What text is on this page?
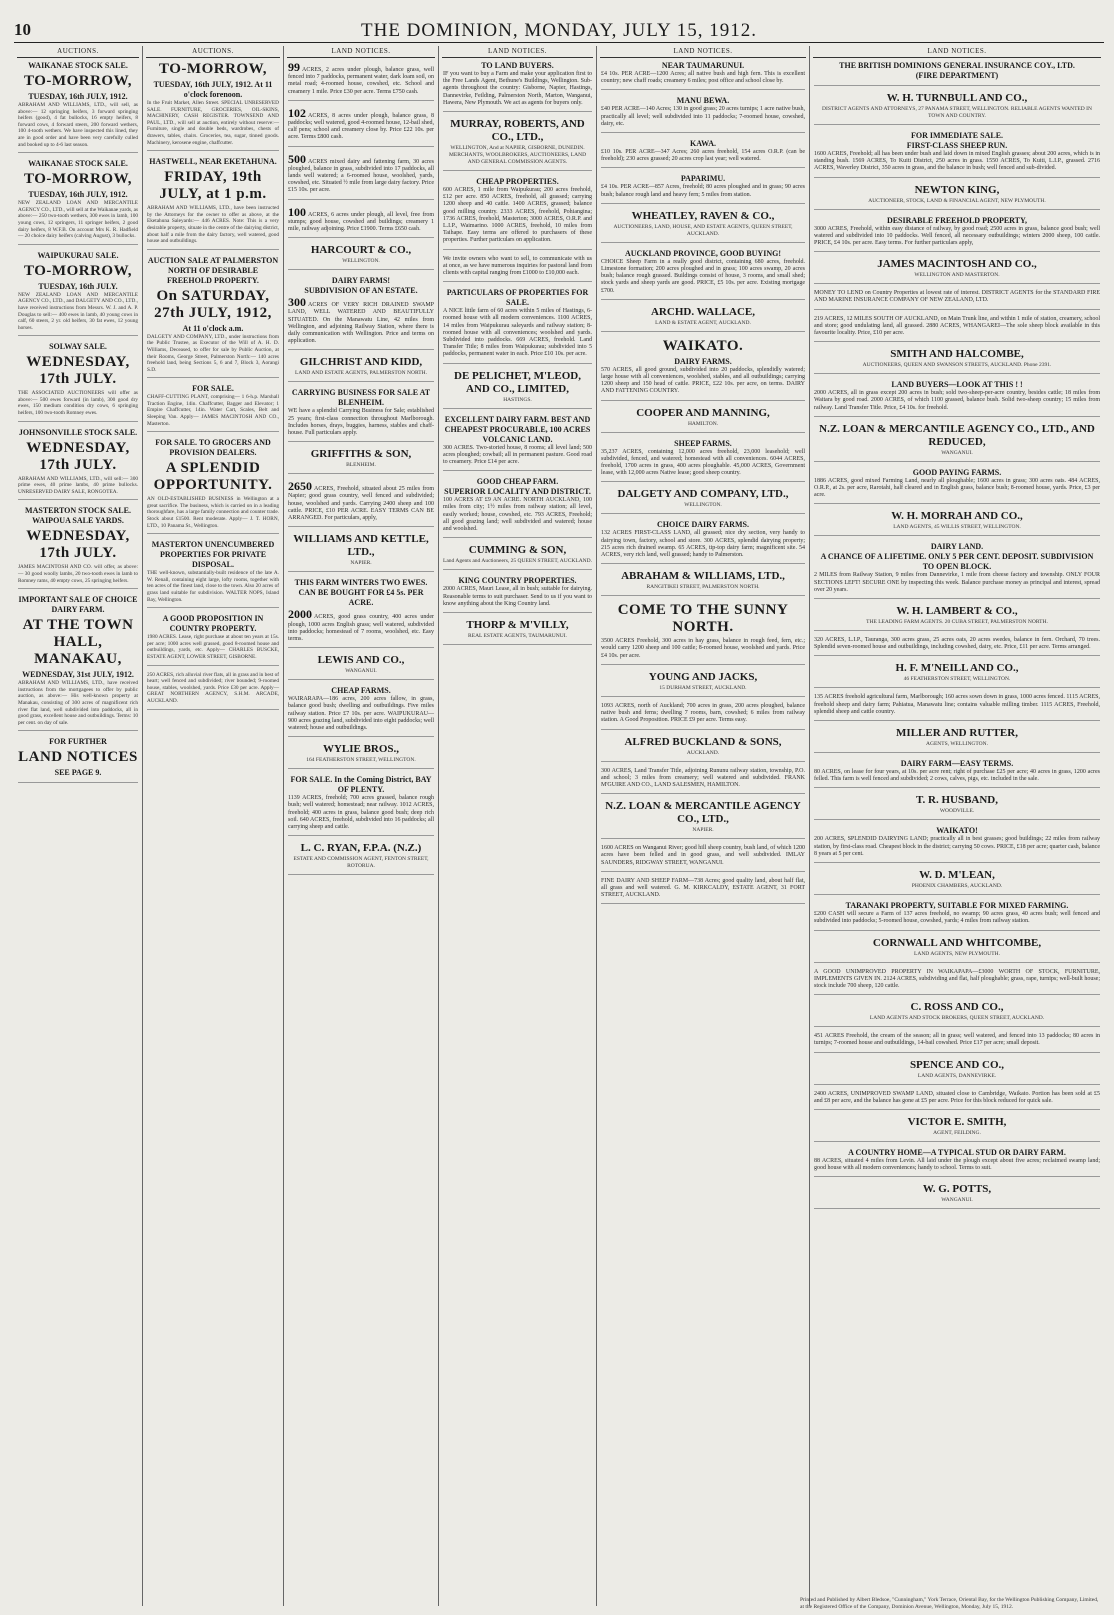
10	THE DOMINION, MONDAY, JULY 15, 1912.
AUCTIONS.
WAIKANAE STOCK SALE.
TO-MORROW,
TUESDAY, 16th JULY, 1912.
ABRAHAM AND WILLIAMS, LTD., will sell, as above:— 12 springing heifers, 3 forward springing heifers (good), 4 fat bullocks, 16 empty heifers, 8 forward cows, 4 forward steers, 200 forward wethers, 100 4-tooth wethers. We have inspected this lined, they are in good order and have been very carefully culled and booked up to 4-6 last season.
WAIKANAE STOCK SALE.
TO-MORROW,
TUESDAY, 16th JULY, 1912.
NEW ZEALAND LOAN AND MERCANTILE AGENCY CO., LTD., will sell at the Waikanae yards, as above:— 250 two-tooth wethers, 300 ewes in lamb, 100 young cows, 12 springers, 11 springer heifers, 2 good dairy heifers, 8 W.F.B. On account Mrs K. R. Hadfield— 20 choice dairy heifers (calving August), 3 bullocks.
WAIPUKURAU SALE.
TO-MORROW,
TUESDAY, 16th JULY.
NEW ZEALAND LOAN AND MERCANTILE AGENCY CO., LTD., and DALGETY AND CO., LTD., have received instructions from Messrs. W. J. and A. P. Douglas to sell:— 400 ewes in lamb, 40 young cows in calf, 60 steers, 2 yr. old heifers, 30 fat ewes, 12 young horses.
SOLWAY SALE.
WEDNESDAY, 17th JULY.
THE ASSOCIATED AUCTIONEERS will offer as above:— 500 ewes forward (in lamb), 300 good dry ewes, 150 medium condition dry cows, 6 springing heifers, 100 two-tooth Romney ewes.
JOHNSONVILLE STOCK SALE.
WEDNESDAY, 17th JULY.
ABRAHAM AND WILLIAMS, LTD., will sell:— 300 prime ewes, 40 prime lambs, 40 prime bullocks. UNRESERVED DAIRY SALE, RONGOTEA.
MASTERTON STOCK SALE. WAIPOUA SALE YARDS.
WEDNESDAY, 17th JULY.
JAMES MACINTOSH AND CO. will offer, as above:— 30 good woolly lambs, 20 two-tooth ewes in lamb to Romney rams, 40 empty cows, 25 springing heifers.
IMPORTANT SALE OF CHOICE DAIRY FARM.
AT THE TOWN HALL, MANAKAU,
WEDNESDAY, 31st JULY, 1912.
ABRAHAM AND WILLIAMS, LTD., have received instructions from the mortgagees to offer by public auction, as above:— His well-known property at Manakau, consisting of 300 acres of magnificent rich river flat land, well subdivided into paddocks, all in good grass, excellent house and outbuildings. Terms: 10 per cent. on day of sale.
FOR FURTHER
LAND NOTICES
SEE PAGE 9.
AUCTIONS.
TO-MORROW,
TUESDAY, 16th JULY, 1912. At 11 o'clock forenoon.
In the Fruit Market, Allen Street. SPECIAL UNRESERVED SALE. FURNITURE, GROCERIES, OIL-SKINS, MACHINERY, CASH REGISTER. TOWNSEND AND PAUL, LTD., will sell at auction, entirely without reserve:— Furniture, single and double beds, wardrobes, chests of drawers, tables, chairs. Groceries, tea, sugar, tinned goods. Machinery, kerosene engine, chaffcutter.
HASTWELL, NEAR EKETAHUNA.
FRIDAY, 19th JULY, at 1 p.m.
ABRAHAM AND WILLIAMS, LTD., have been instructed by the Attorneys for the owner to offer as above, at the Eketahuna Saleyards:— 446 ACRES. Note: This is a very desirable property, situate in the centre of the dairying district, about half a mile from the dairy factory, well watered, good house and outbuildings.
AUCTION SALE AT PALMERSTON NORTH OF DESIRABLE FREEHOLD PROPERTY.
On SATURDAY, 27th JULY, 1912,
At 11 o'clock a.m.
DALGETY AND COMPANY, LTD., under instructions from the Public Trustee, as Executor of the Will of A. H. D. Williams, Deceased, to offer for sale by Public Auction, at their Rooms, George Street, Palmerston North:— 140 acres freehold land, being Sections 5, 6 and 7, Block 3, Aorangi S.D.
FOR SALE.
CHAFF-CUTTING PLANT, comprising— 1 6-h.p. Marshall Traction Engine, 14in. Chaffcutter, Bagger and Elevator; 1 Empire Chaffcutter, 14in. Water Cart, Scales, Belt and Sleeping Van. Apply— JAMES MACINTOSH AND CO., Masterton.
FOR SALE. TO GROCERS AND PROVISION DEALERS.
A SPLENDID OPPORTUNITY.
AN OLD-ESTABLISHED BUSINESS in Wellington at a great sacrifice. The business, which is carried on in a leading thoroughfare, has a large family connection and counter trade. Stock about £1500. Rent moderate. Apply— J. T. HORN, LTD., 10 Panama St., Wellington.
MASTERTON UNENCUMBERED PROPERTIES FOR PRIVATE DISPOSAL.
THE well-known, substantially-built residence of the late A. W. Renall, containing eight large, lofty rooms, together with ten acres of the finest land, close to the town. Also 20 acres of grass land suitable for subdivision. WALTER NOPS, Island Bay, Wellington.
A GOOD PROPOSITION IN COUNTRY PROPERTY.
1980 ACRES. Lease, right purchase at about ten years at 15s. per acre; 1000 acres well grassed, good 8-roomed house and outbuildings, yards, etc. Apply— CHARLES BUSCKE, ESTATE AGENT, LOWER STREET, GISBORNE.
250 ACRES, rich alluvial river flats, all in grass and in best of heart; well fenced and subdivided; river bounded; 9-roomed house, stables, woolshed, yards. Price £30 per acre. Apply— GREAT NORTHERN AGENCY, S.H.M. ARCADE, AUCKLAND.
LAND NOTICES.
99 ACRES, 2 acres under plough, balance grass, well fenced into 7 paddocks, permanent water, dark loam soil, on metal road; 4-roomed house, cowshed, etc. School and creamery 1 mile. Price £30 per acre. Terms £750 cash.
102 ACRES, 8 acres under plough, balance grass, 8 paddocks; well watered, good 4-roomed house, 12-bail shed, calf pens; school and creamery close by. Price £22 10s. per acre. Terms £800 cash.
500 ACRES mixed dairy and fattening farm, 30 acres ploughed, balance in grass, subdivided into 17 paddocks, all lands well watered; a 6-roomed house, woolshed, yards, cowshed, etc. Situated ½ mile from large dairy factory. Price £15 10s. per acre.
100 ACRES, 6 acres under plough, all level, free from stumps; good house, cowshed and buildings; creamery 1 mile, railway adjoining. Price £1900. Terms £650 cash.
HARCOURT & CO.,
WELLINGTON.
DAIRY FARMS!
SUBDIVISION OF AN ESTATE.
300 ACRES OF VERY RICH DRAINED SWAMP LAND, WELL WATERED AND BEAUTIFULLY SITUATED. On the Manawatu Line, 42 miles from Wellington, and adjoining Railway Station, where there is daily communication with Wellington. Price and terms on application.
GILCHRIST AND KIDD,
LAND AND ESTATE AGENTS, PALMERSTON NORTH.
CARRYING BUSINESS FOR SALE AT BLENHEIM.
WE have a splendid Carrying Business for Sale; established 25 years; first-class connection throughout Marlborough. Includes horses, drays, buggies, harness, stables and chaff-house. Full particulars apply.
GRIFFITHS & SON,
BLENHEIM.
2650 ACRES, Freehold, situated about 25 miles from Napier; good grass country, well fenced and subdivided; house, woolshed and yards. Carrying 2400 sheep and 100 cattle. PRICE, £10 PER ACRE. EASY TERMS CAN BE ARRANGED. For particulars, apply,
WILLIAMS AND KETTLE, LTD.,
NAPIER.
THIS FARM WINTERS TWO EWES. CAN BE BOUGHT FOR £4 5s. PER ACRE.
2000 ACRES, good grass country, 400 acres under plough, 1000 acres English grass; well watered, subdivided into paddocks; homestead of 7 rooms, woolshed, etc. Easy terms.
LEWIS AND CO.,
WANGANUI.
CHEAP FARMS.
WAIRARAPA—186 acres, 200 acres fallow, in grass, balance good bush; dwelling and outbuildings. Five miles railway station. Price £7 10s. per acre. WAIPUKURAU—900 acres grazing land, subdivided into eight paddocks; well watered; house and outbuildings.
WYLIE BROS.,
164 FEATHERSTON STREET, WELLINGTON.
FOR SALE. In the Coming District, BAY OF PLENTY.
1139 ACRES, freehold; 700 acres grassed, balance rough bush; well watered; homestead; near railway. 1012 ACRES, freehold; 400 acres in grass, balance good bush; deep rich soil. 640 ACRES, freehold, subdivided into 16 paddocks; all carrying sheep and cattle.
L. C. RYAN, F.P.A. (N.Z.)
ESTATE AND COMMISSION AGENT, FENTON STREET, ROTORUA.
LAND NOTICES.
TO LAND BUYERS.
IF you want to buy a Farm and make your application first to the Free Lands Agent, Bethune's Buildings, Wellington. Sub-agents throughout the country: Gisborne, Napier, Hastings, Dannevirke, Feilding, Palmerston North, Marton, Wanganui, Hawera, New Plymouth. We act as agents for buyers only.
MURRAY, ROBERTS, AND CO., LTD.,
WELLINGTON, And at NAPIER, GISBORNE, DUNEDIN. MERCHANTS, WOOLBROKERS, AUCTIONEERS, LAND AND GENERAL COMMISSION AGENTS.
CHEAP PROPERTIES.
600 ACRES, 1 mile from Waipukurau; 200 acres freehold, £12 per acre. 850 ACRES, freehold, all grassed; carrying 1200 sheep and 40 cattle. 1400 ACRES, grassed; balance good milling country. 2333 ACRES, freehold, Pohiangina; 1736 ACRES, freehold, Masterton; 3000 ACRES, O.R.P. and L.I.P., Waimarino. 1000 ACRES, freehold, 10 miles from Taihape. Easy terms are offered to purchasers of these properties. Further particulars on application.
We invite owners who want to sell, to communicate with us at once, as we have numerous inquiries for pastoral land from clients with capital ranging from £1000 to £10,000 each.
PARTICULARS OF PROPERTIES FOR SALE.
A NICE little farm of 60 acres within 5 miles of Hastings, 6-roomed house with all modern conveniences. 1100 ACRES, 14 miles from Waipukurau saleyards and railway station; 8-roomed house with all conveniences; woolshed and yards. Subdivided into paddocks. 669 ACRES, freehold. Land Transfer Title; 8 miles from Waipukurau; subdivided into 5 paddocks, permanent water in each. Price £10 10s. per acre.
DE PELICHET, M'LEOD, AND CO., LIMITED,
HASTINGS.
EXCELLENT DAIRY FARM. BEST AND CHEAPEST PROCURABLE, 100 ACRES VOLCANIC LAND.
300 ACRES. Two-storied house, 8 rooms; all level land; 500 acres ploughed; cowbail; all in permanent pasture. Good road to creamery. Price £14 per acre.
GOOD CHEAP FARM.
SUPERIOR LOCALITY AND DISTRICT.
100 ACRES AT £9 AN ACRE. NORTH AUCKLAND, 100 miles from city; 1½ miles from railway station; all level, easily worked; house, cowshed, etc. 793 ACRES, Freehold; all good grazing land; well subdivided and watered; house and woolshed.
CUMMING & SON,
Land Agents and Auctioneers, 25 QUEEN STREET, AUCKLAND.
KING COUNTRY PROPERTIES.
2000 ACRES, Mauri Lease, all in bush; suitable for dairying. Reasonable terms to suit purchaser. Send to us if you want to know anything about the King Country land.
THORP & M'VILLY,
REAL ESTATE AGENTS, TAUMARUNUI.
LAND NOTICES.
NEAR TAUMARUNUI.
£4 10s. PER ACRE—1200 Acres; all native bush and high fern. This is excellent country; new chaff roads; creamery 6 miles; post office and school close by.
MANU BEWA.
£40 PER ACRE—140 Acres; 130 in good grass; 20 acres turnips; 1 acre native bush, practically all level; well subdivided into 11 paddocks; 7-roomed house, cowshed, dairy, etc.
KAWA.
£10 10s. PER ACRE—347 Acres; 260 acres freehold, 154 acres O.R.P. (can be freehold); 230 acres grassed; 20 acres crop last year; well watered.
PAPARIMU.
£4 10s. PER ACRE—857 Acres, freehold; 80 acres ploughed and in grass; 90 acres bush; balance rough land and heavy fern; 5 miles from station.
WHEATLEY, RAVEN & CO.,
AUCTIONEERS, LAND, HOUSE, AND ESTATE AGENTS, QUEEN STREET, AUCKLAND.
AUCKLAND PROVINCE, GOOD BUYING!
CHOICE Sheep Farm in a really good district, containing 680 acres, freehold. Limestone formation; 200 acres ploughed and in grass; 100 acres swamp, 20 acres bush; balance rough grassed. Buildings consist of house, 3 rooms, and small shed; stock yards and sheep yards are good. PRICE, £5 10s. per acre. Existing mortgage £700.
ARCHD. WALLACE,
LAND & ESTATE AGENT, AUCKLAND.
WAIKATO.
DAIRY FARMS.
570 ACRES, all good ground, subdivided into 20 paddocks, splendidly watered; large house with all conveniences, woolshed, stables, and all outbuildings; carrying 1200 sheep and 150 head of cattle. PRICE, £22 10s. per acre, on terms. DAIRY AND FATTENING COUNTRY.
COOPER AND MANNING,
HAMILTON.
SHEEP FARMS.
35,237 ACRES, containing 12,000 acres freehold, 23,000 leasehold; well subdivided, fenced, and watered; homestead with all conveniences. 6044 ACRES, freehold, 1700 acres in grass, 400 acres ploughable. 45,000 ACRES, Government lease, with 12,000 acres Native lease; good sheep country.
DALGETY AND COMPANY, LTD.,
WELLINGTON.
CHOICE DAIRY FARMS.
132 ACRES FIRST-CLASS LAND, all grassed; nice dry section, very handy to dairying town, factory, school and store. 300 ACRES, splendid dairying property; 215 acres rich drained swamp. 65 ACRES, tip-top dairy farm; magnificent site. 54 ACRES, very rich land, well grassed; handy to Palmerston.
ABRAHAM & WILLIAMS, LTD.,
RANGITIKEI STREET, PALMERSTON NORTH.
COME TO THE SUNNY NORTH.
3500 ACRES Freehold, 300 acres in hay grass, balance in rough feed, fern, etc.; would carry 1200 sheep and 100 cattle; 8-roomed house, woolshed and yards. Price £4 10s. per acre.
YOUNG AND JACKS,
15 DURHAM STREET, AUCKLAND.
1093 ACRES, north of Auckland; 700 acres in grass, 200 acres ploughed, balance native bush and ferns; dwelling 7 rooms, barn, cowshed; 6 miles from railway station. A Good Proposition. PRICE £9 per acre. Terms easy.
ALFRED BUCKLAND & SONS,
AUCKLAND.
300 ACRES, Land Transfer Title, adjoining Rununu railway station, township, P.O. and school; 3 miles from creamery; well watered and subdivided. FRANK M'GUIRE AND CO., LAND SALESMEN, HAMILTON.
N.Z. LOAN & MERCANTILE AGENCY CO., LTD.,
NAPIER.
1600 ACRES on Wanganui River; good hill sheep country, bush land, of which 1200 acres have been felled and in good grass, and well subdivided. IMLAY SAUNDERS, RIDGWAY STREET, WANGANUI.
FINE DAIRY AND SHEEP FARM—738 Acres; good quality land, about half flat, all grass and well watered. G. M. KIRKCALDY, ESTATE AGENT, 31 FORT STREET, AUCKLAND.
LAND NOTICES.
THE BRITISH DOMINIONS GENERAL INSURANCE COY., LTD.
(FIRE DEPARTMENT)
W. H. TURNBULL AND CO.,
DISTRICT AGENTS AND ATTORNEYS, 27 PANAMA STREET, WELLINGTON. RELIABLE AGENTS WANTED IN TOWN AND COUNTRY.
FOR IMMEDIATE SALE.
FIRST-CLASS SHEEP RUN.
1600 ACRES, Freehold; all has been under bush and laid down in mixed English grasses; about 200 acres, which is in standing bush. 1569 ACRES, To Kuiti District, 250 acres in grass. 1550 ACRES, To Kuiti, L.I.P., grassed. 2716 ACRES, Waverley District, 350 acres in grass, and the balance in bush; well fenced and sub-divided.
NEWTON KING,
AUCTIONEER, STOCK, LAND & FINANCIAL AGENT, NEW PLYMOUTH.
DESIRABLE FREEHOLD PROPERTY,
3000 ACRES, Freehold, within easy distance of railway, by good road; 2500 acres in grass, balance good bush; well watered and subdivided into 10 paddocks. Well fenced, all necessary outbuildings; winters 2000 sheep, 100 cattle. PRICE, £4 10s. per acre. Easy terms. For further particulars apply,
JAMES MACINTOSH AND CO.,
WELLINGTON AND MASTERTON.
MONEY TO LEND on Country Properties at lowest rate of interest. DISTRICT AGENTS for the STANDARD FIRE AND MARINE INSURANCE COMPANY OF NEW ZEALAND, LTD.
219 ACRES, 12 MILES SOUTH OF AUCKLAND, on Main Trunk line, and within 1 mile of station, creamery, school and store; good undulating land, all grassed. 2880 ACRES, WHANGAREI—The sole sheep block available in this favourite locality. Price, £10 per acre.
SMITH AND HALCOMBE,
AUCTIONEERS, QUEEN AND SWANSON STREETS, AUCKLAND. Phone 2391.
LAND BUYERS—LOOK AT THIS ! !
2000 ACRES, all in grass except 200 acres in bush; sold two-sheep-per-acre country, besides cattle; 18 miles from Waitara by good road. 2000 ACRES, of which 1100 grassed, balance bush. Solid two-sheep country; 15 miles from railway. Land Transfer Title. Price, £4 10s. for freehold.
N.Z. LOAN & MERCANTILE AGENCY CO., LTD., AND REDUCED,
WANGANUI.
GOOD PAYING FARMS.
1886 ACRES, good mixed Farming Land, nearly all ploughable; 1600 acres in grass; 300 acres oats. 484 ACRES, O.R.P., at 2s. per acre, Rarotahi, half cleared and in English grass, balance bush; 8-roomed house, yards. Price, £3 per acre.
W. H. MORRAH AND CO.,
LAND AGENTS, 45 WILLIS STREET, WELLINGTON.
DAIRY LAND.
A CHANCE OF A LIFETIME. ONLY 5 PER CENT. DEPOSIT. SUBDIVISION TO OPEN BLOCK.
2 MILES from Railway Station, 9 miles from Dannevirke, 1 mile from cheese factory and township. ONLY FOUR SECTIONS LEFT! SECURE ONE by inspecting this week. Balance purchase money as principal and interest, spread over 20 years.
W. H. LAMBERT & CO.,
THE LEADING FARM AGENTS. 20 CUBA STREET, PALMERSTON NORTH.
320 ACRES, L.I.P., Tauranga, 300 acres grass, 25 acres oats, 20 acres swedes, balance in fern. Orchard, 70 trees. Splendid seven-roomed house and outbuildings, including cowshed, dairy, etc. Price, £11 per acre. Terms arranged.
H. F. M'NEILL AND CO.,
46 FEATHERSTON STREET, WELLINGTON.
135 ACRES freehold agricultural farm, Marlborough; 160 acres sown down in grass, 1000 acres fenced. 1115 ACRES, freehold sheep and dairy farm; Pahiatua, Manawatu line; contains valuable milling timber. 1115 ACRES, Freehold, splendid sheep and cattle country.
MILLER AND RUTTER,
AGENTS, WELLINGTON.
DAIRY FARM—EASY TERMS.
80 ACRES, on lease for four years, at 10s. per acre rent; right of purchase £25 per acre; 40 acres in grass, 1200 acres felled. This farm is well fenced and subdivided; 2 cows, calves, pigs, etc. included in the sale.
T. R. HUSBAND,
WOODVILLE.
WAIKATO!
200 ACRES, SPLENDID DAIRYING LAND; practically all in best grasses; good buildings; 22 miles from railway station, by first-class road. Cheapest block in the district; carrying 50 cows. PRICE, £18 per acre; quarter cash, balance 8 years at 5 per cent.
W. D. M'LEAN,
PHOENIX CHAMBERS, AUCKLAND.
TARANAKI PROPERTY, SUITABLE FOR MIXED FARMING.
£200 CASH will secure a Farm of 137 acres freehold, no swamp; 90 acres grass, 40 acres bush; well fenced and subdivided into paddocks; 5-roomed house, cowshed, yards; 4 miles from railway station.
CORNWALL AND WHITCOMBE,
LAND AGENTS, NEW PLYMOUTH.
A GOOD UNIMPROVED PROPERTY IN WAIKAPAPA—£3000 WORTH OF STOCK, FURNITURE, IMPLEMENTS GIVEN IN. 2124 ACRES, subdividing and flat, half ploughable; grass, rape, turnips; well-built house; stock include 700 sheep, 120 cattle.
C. ROSS AND CO.,
LAND AGENTS AND STOCK BROKERS, QUEEN STREET, AUCKLAND.
451 ACRES Freehold, the cream of the season; all in grass; well watered, and fenced into 13 paddocks; 80 acres in turnips; 7-roomed house and outbuildings, 14-bail cowshed. Price £17 per acre; small deposit.
SPENCE AND CO.,
LAND AGENTS, DANNEVIRKE.
2400 ACRES, UNIMPROVED SWAMP LAND, situated close to Cambridge, Waikato. Portion has been sold at £5 and £8 per acre, and the balance has gone at £5 per acre. Price for this block reduced for quick sale.
VICTOR E. SMITH,
AGENT, FEILDING.
A COUNTRY HOME—A TYPICAL STUD OR DAIRY FARM.
88 ACRES, situated 4 miles from Levin. All laid under the plough except about five acres; reclaimed swamp land; good house with all modern conveniences; handy to school. Terms to suit.
W. G. POTTS,
WANGANUI.
Printed and Published by Albert Bledsoe, "Cunningham," York Terrace, Oriental Bay, for the Wellington Publishing Company, Limited, at the Registered Office of the Company, Dominion Avenue, Wellington, Monday, July 15, 1912.
